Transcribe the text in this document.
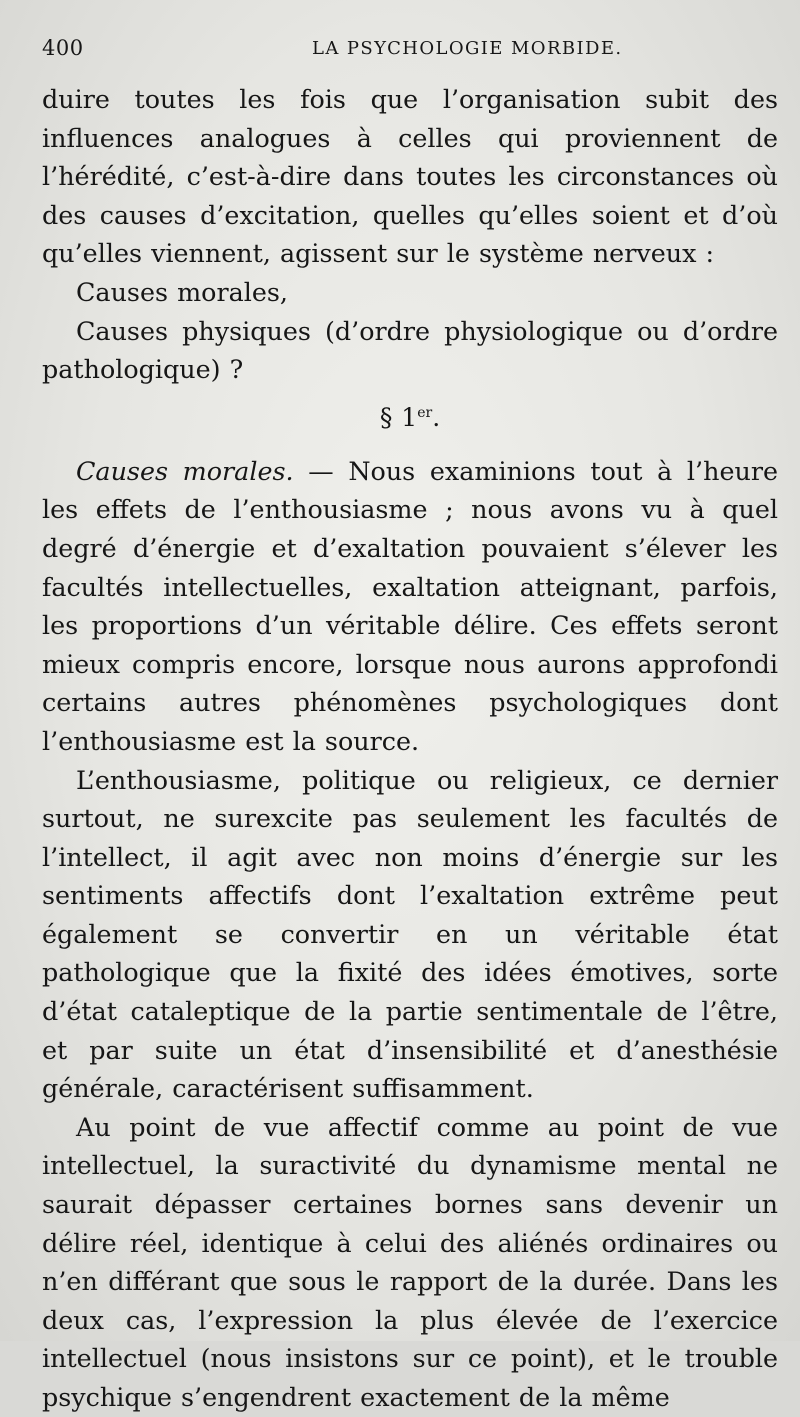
400	LA PSYCHOLOGIE MORBIDE.

duire toutes les fois que l’organisation subit des influences analogues à celles qui proviennent de l’hérédité, c’est-à-dire dans toutes les circonstances où des causes d’excitation, quelles qu’elles soient et d’où qu’elles viennent, agissent sur le système nerveux :

Causes morales,

Causes physiques (d’ordre physiologique ou d’ordre pathologique) ?

§ 1er.

Causes morales. — Nous examinions tout à l’heure les effets de l’enthousiasme ; nous avons vu à quel degré d’énergie et d’exaltation pouvaient s’élever les facultés intellectuelles, exaltation atteignant, parfois, les proportions d’un véritable délire. Ces effets seront mieux compris encore, lorsque nous aurons approfondi certains autres phénomènes psychologiques dont l’enthousiasme est la source.

L’enthousiasme, politique ou religieux, ce dernier surtout, ne surexcite pas seulement les facultés de l’intellect, il agit avec non moins d’énergie sur les sentiments affectifs dont l’exaltation extrême peut également se convertir en un véritable état pathologique que la fixité des idées émotives, sorte d’état cataleptique de la partie sentimentale de l’être, et par suite un état d’insensibilité et d’anesthésie générale, caractérisent suffisamment.

Au point de vue affectif comme au point de vue intellectuel, la suractivité du dynamisme mental ne saurait dépasser certaines bornes sans devenir un délire réel, identique à celui des aliénés ordinaires ou n’en différant que sous le rapport de la durée. Dans les deux cas, l’expression la plus élevée de l’exercice intellectuel (nous insistons sur ce point), et le trouble psychique s’engendrent exactement de la même
